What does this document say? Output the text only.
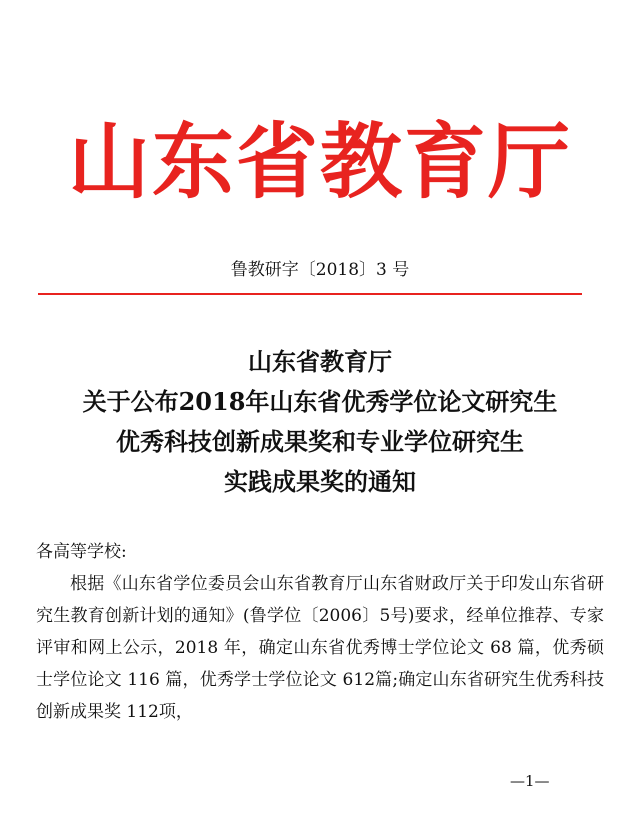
山东省教育厅
鲁教研字〔2018〕3 号
山东省教育厅
关于公布2018年山东省优秀学位论文研究生
优秀科技创新成果奖和专业学位研究生
实践成果奖的通知
各高等学校:
根据《山东省学位委员会山东省教育厅山东省财政厅关于印发山东省研究生教育创新计划的通知》(鲁学位〔2006〕5号)要求，经单位推荐、专家评审和网上公示，2018 年，确定山东省优秀博士学位论文 68 篇，优秀硕士学位论文 116 篇，优秀学士学位论文 612篇;确定山东省研究生优秀科技创新成果奖 112项，
—1—
